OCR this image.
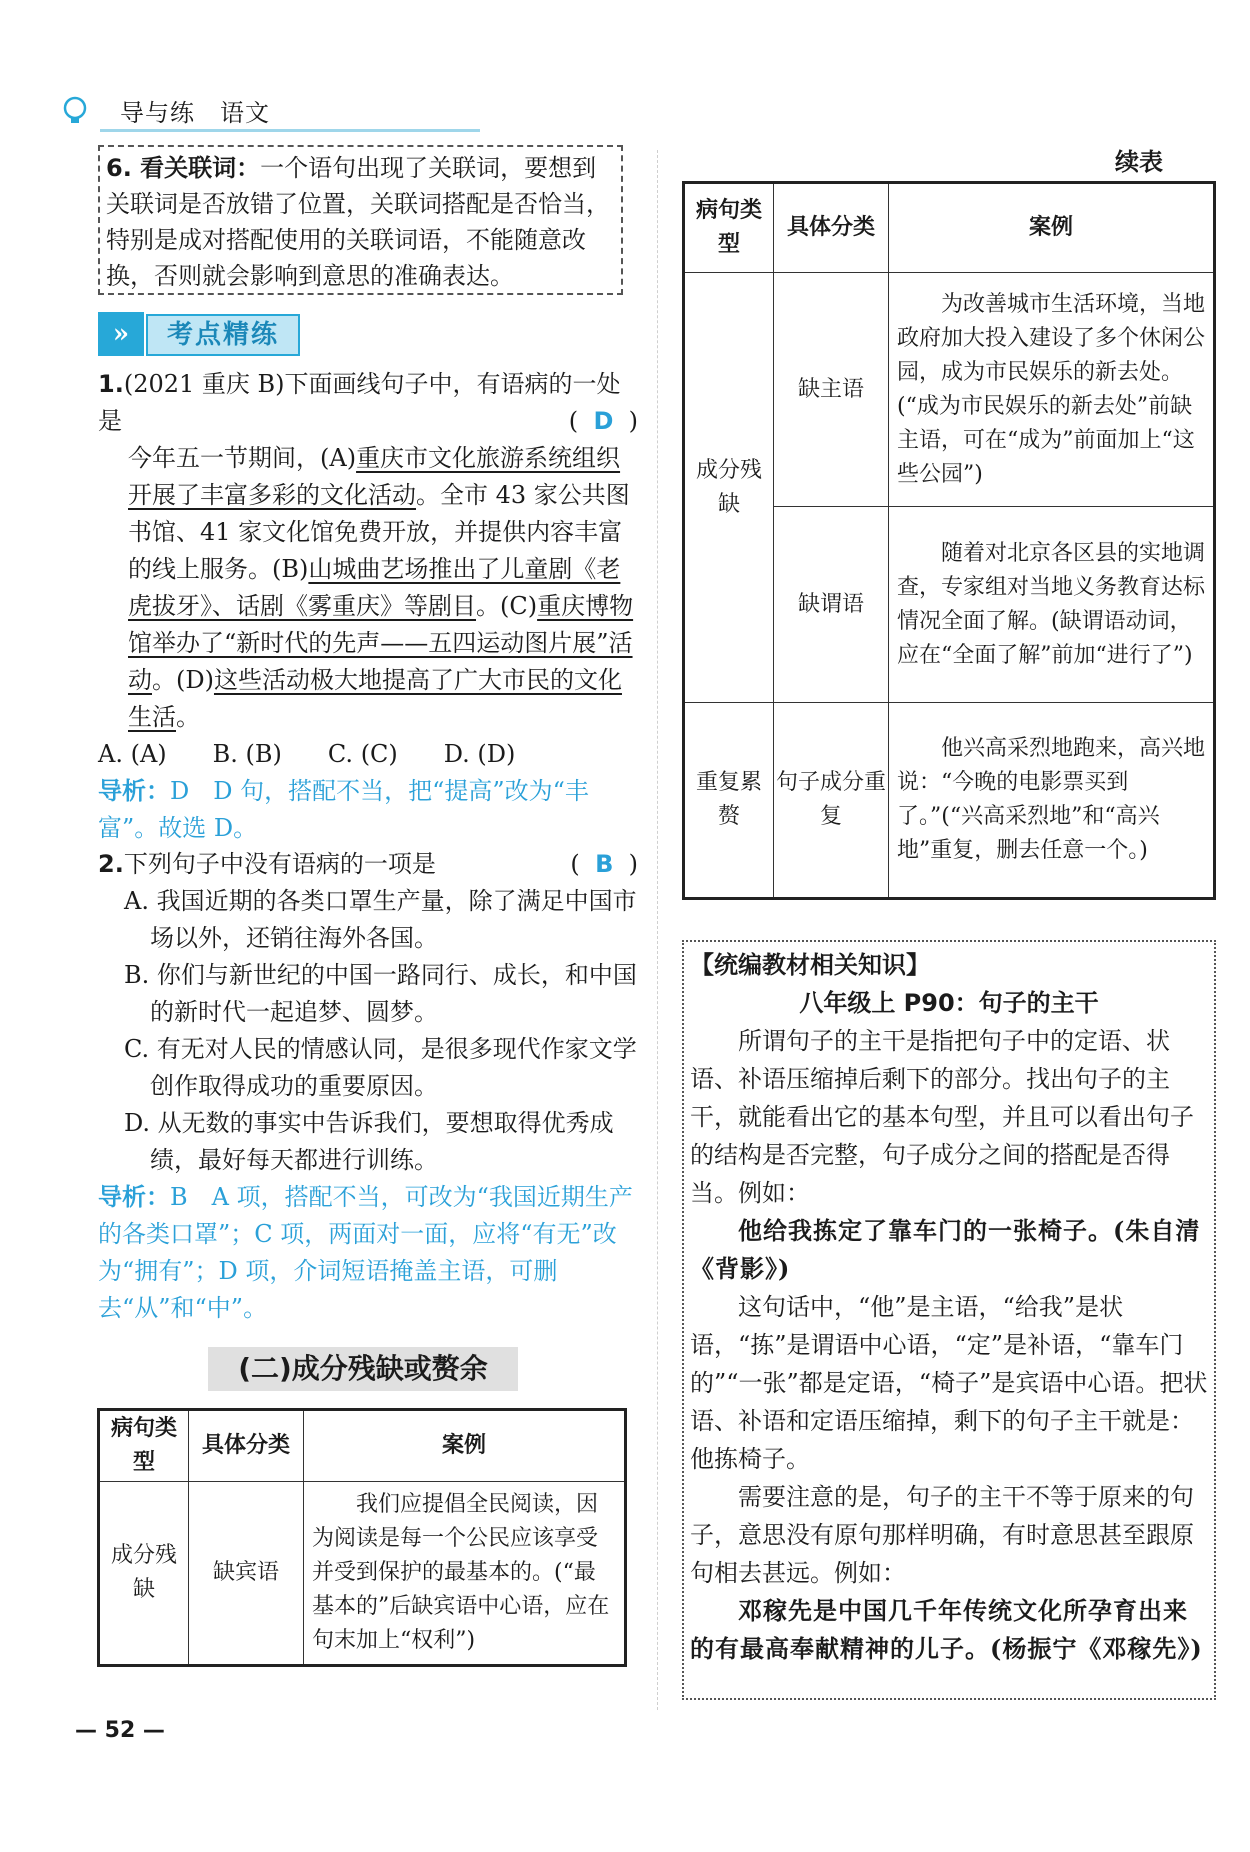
导与练　语文
6. 看关联词：一个语句出现了关联词，要想到关联词是否放错了位置，关联词搭配是否恰当，特别是成对搭配使用的关联词语，不能随意改换，否则就会影响到意思的准确表达。
»	考点精练
1.(2021 重庆 B)下面画线句子中，有语病的一处是	( D )
今年五一节期间，(A)重庆市文化旅游系统组织开展了丰富多彩的文化活动。全市 43 家公共图书馆、41 家文化馆免费开放，并提供内容丰富的线上服务。(B)山城曲艺场推出了儿童剧《老虎拔牙》、话剧《雾重庆》等剧目。(C)重庆博物馆举办了“新时代的先声——五四运动图片展”活动。(D)这些活动极大地提高了广大市民的文化生活。
A. (A) B. (B) C. (C) D. (D)
导析：D　D 句，搭配不当，把“提高”改为“丰富”。故选 D。
2.下列句子中没有语病的一项是	( B )
A. 我国近期的各类口罩生产量，除了满足中国市场以外，还销往海外各国。
B. 你们与新世纪的中国一路同行、成长，和中国的新时代一起追梦、圆梦。
C. 有无对人民的情感认同，是很多现代作家文学创作取得成功的重要原因。
D. 从无数的事实中告诉我们，要想取得优秀成绩，最好每天都进行训练。
导析：B　A 项，搭配不当，可改为“我国近期生产的各类口罩”；C 项，两面对一面，应将“有无”改为“拥有”；D 项，介词短语掩盖主语，可删去“从”和“中”。
(二)成分残缺或赘余
病句类型	具体分类	案例
成分残缺	缺宾语	我们应提倡全民阅读，因为阅读是每一个公民应该享受并受到保护的最基本的。(“最基本的”后缺宾语中心语，应在句末加上“权利”)
续表
病句类型	具体分类	案例
成分残缺	缺主语	为改善城市生活环境，当地政府加大投入建设了多个休闲公园，成为市民娱乐的新去处。(“成为市民娱乐的新去处”前缺主语，可在“成为”前面加上“这些公园”)
	缺谓语	随着对北京各区县的实地调查，专家组对当地义务教育达标情况全面了解。(缺谓语动词，应在“全面了解”前加“进行了”)
重复累赘	句子成分重复	他兴高采烈地跑来，高兴地说：“今晚的电影票买到了。”(“兴高采烈地”和“高兴地”重复，删去任意一个。)
【统编教材相关知识】
八年级上 P90：句子的主干

所谓句子的主干是指把句子中的定语、状语、补语压缩掉后剩下的部分。找出句子的主干，就能看出它的基本句型，并且可以看出句子的结构是否完整，句子成分之间的搭配是否得当。例如：

他给我拣定了靠车门的一张椅子。(朱自清《背影》)

这句话中，“他”是主语，“给我”是状语，“拣”是谓语中心语，“定”是补语，“靠车门的”“一张”都是定语，“椅子”是宾语中心语。把状语、补语和定语压缩掉，剩下的句子主干就是：他拣椅子。

需要注意的是，句子的主干不等于原来的句子，意思没有原句那样明确，有时意思甚至跟原句相去甚远。例如：

邓稼先是中国几千年传统文化所孕育出来的有最高奉献精神的儿子。(杨振宁《邓稼先》)

— 52 —
